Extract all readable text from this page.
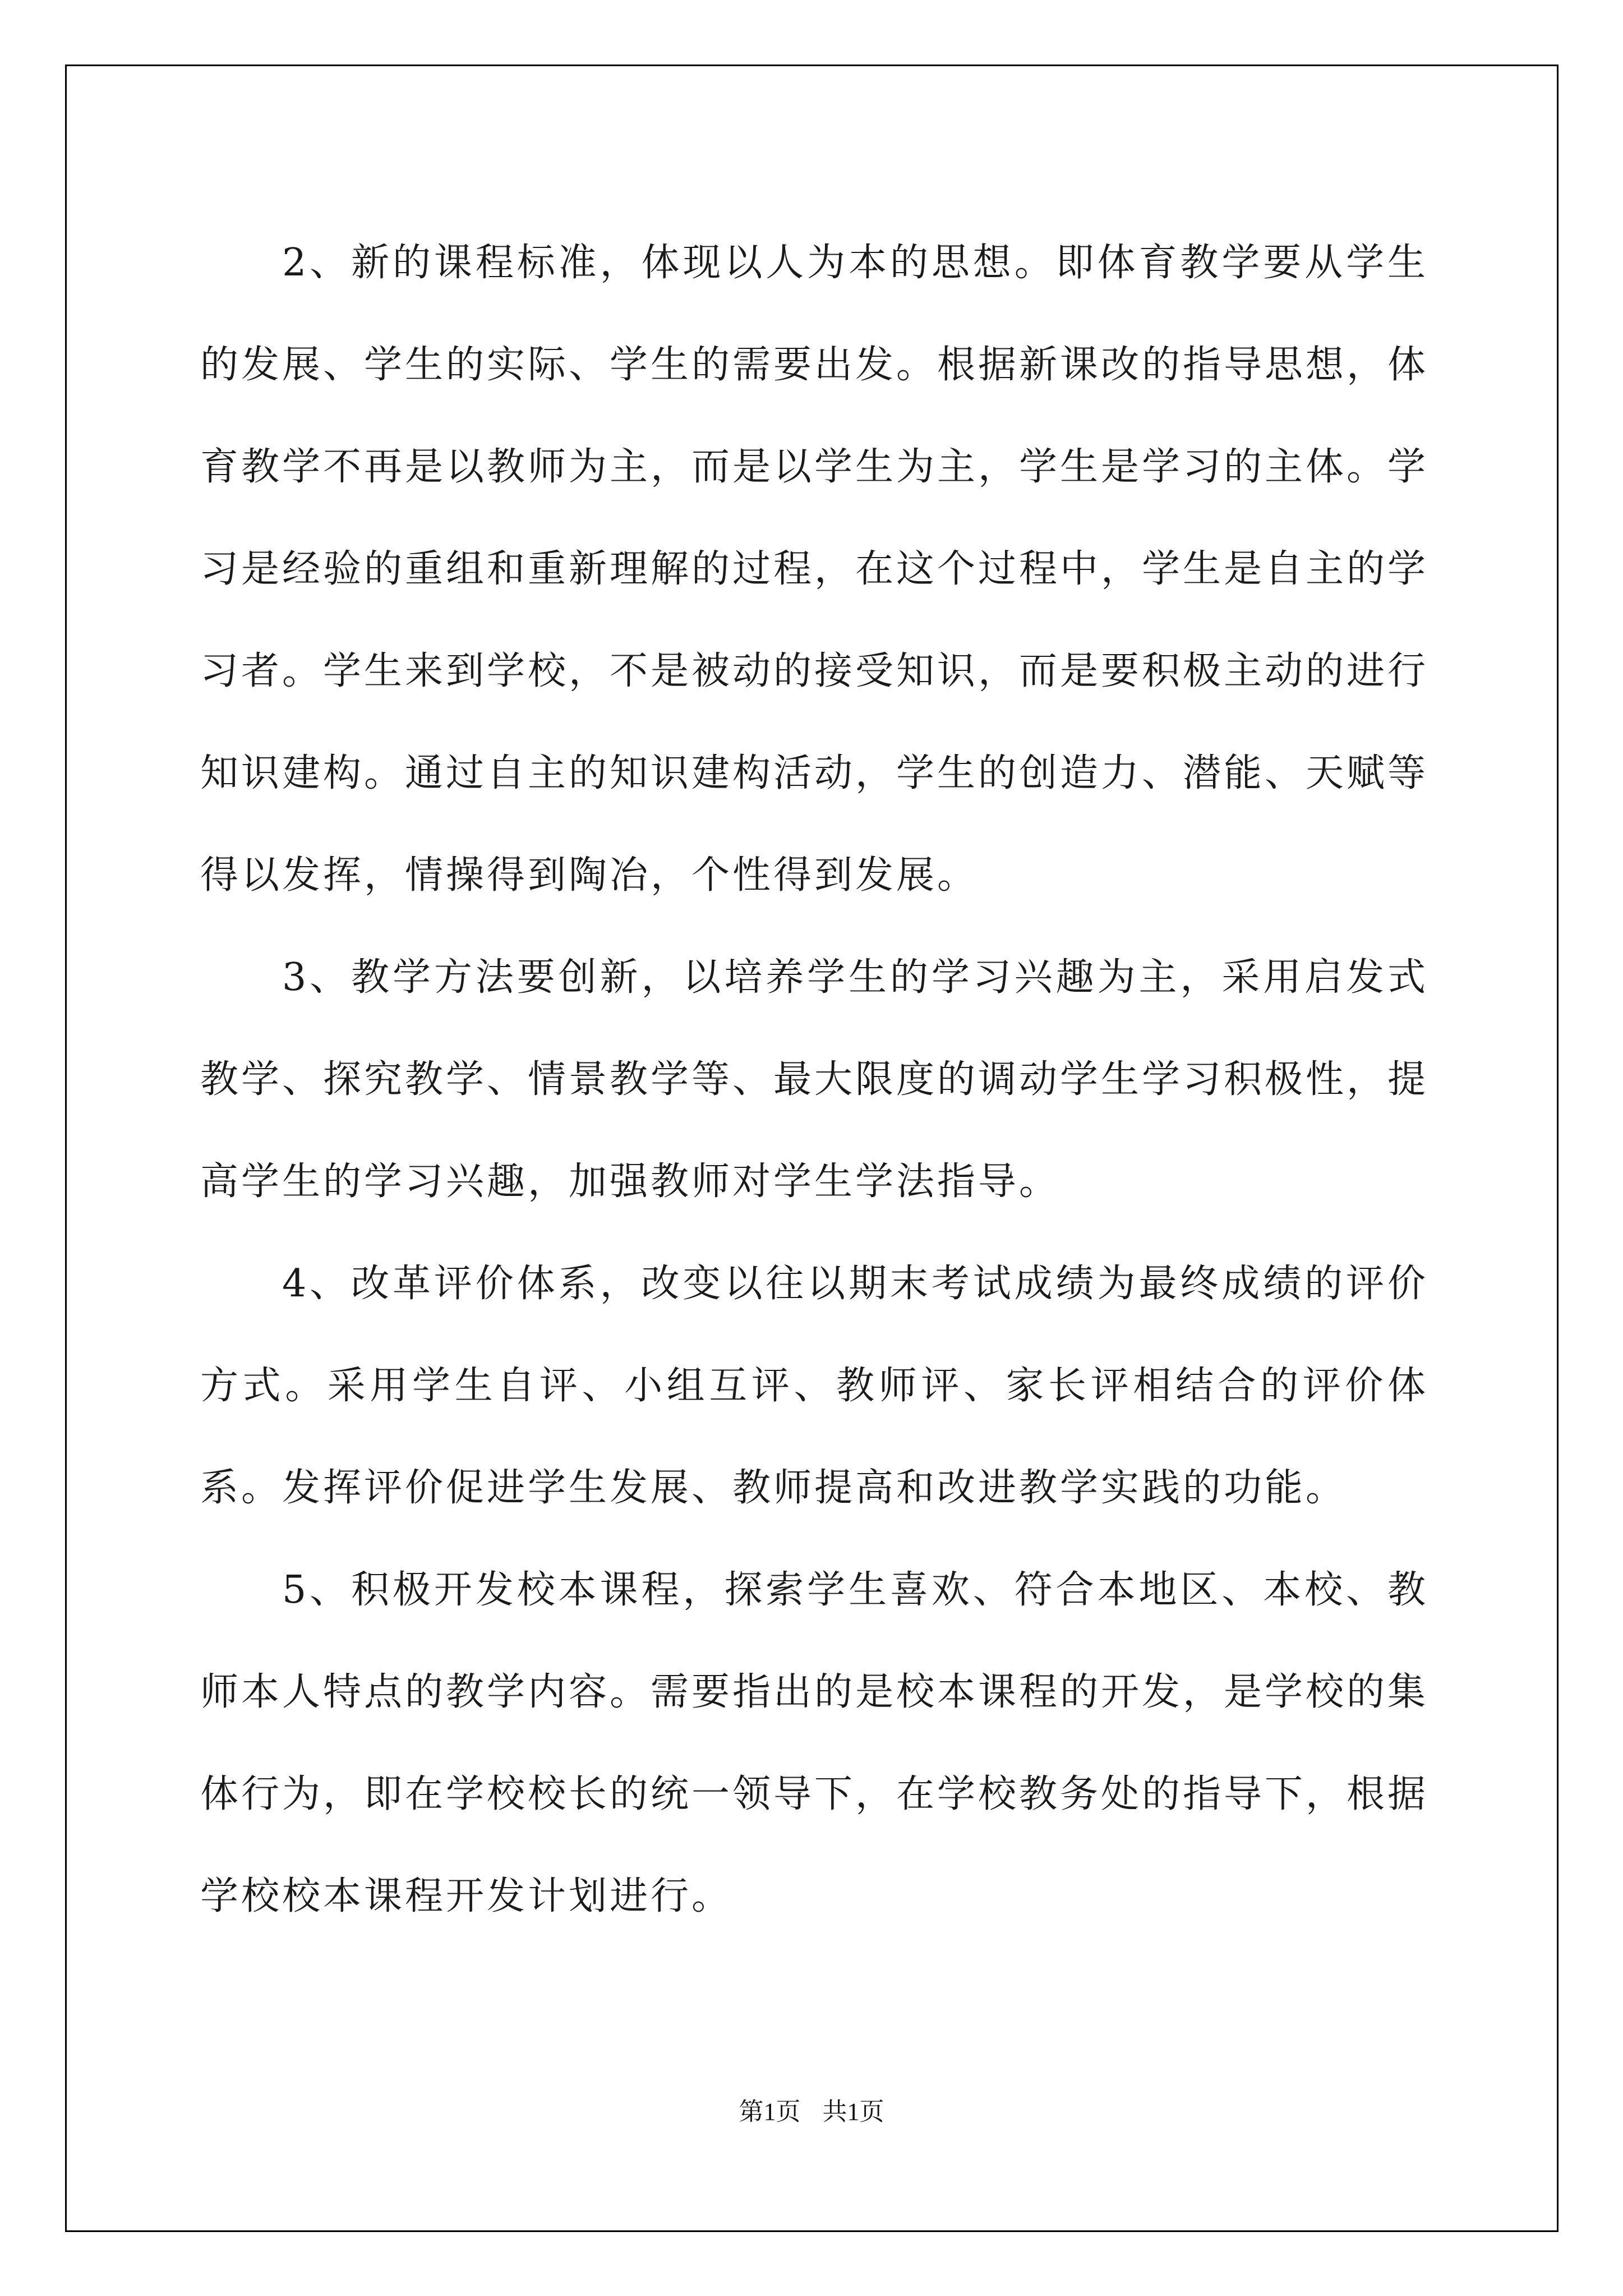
2、新的课程标准，体现以人为本的思想。即体育教学要从学生的发展、学生的实际、学生的需要出发。根据新课改的指导思想，体育教学不再是以教师为主，而是以学生为主，学生是学习的主体。学习是经验的重组和重新理解的过程，在这个过程中，学生是自主的学习者。学生来到学校，不是被动的接受知识，而是要积极主动的进行知识建构。通过自主的知识建构活动，学生的创造力、潜能、天赋等得以发挥，情操得到陶冶，个性得到发展。

3、教学方法要创新，以培养学生的学习兴趣为主，采用启发式教学、探究教学、情景教学等、最大限度的调动学生学习积极性，提高学生的学习兴趣，加强教师对学生学法指导。

4、改革评价体系，改变以往以期末考试成绩为最终成绩的评价方式。采用学生自评、小组互评、教师评、家长评相结合的评价体系。发挥评价促进学生发展、教师提高和改进教学实践的功能。

5、积极开发校本课程，探索学生喜欢、符合本地区、本校、教师本人特点的教学内容。需要指出的是校本课程的开发，是学校的集体行为，即在学校校长的统一领导下，在学校教务处的指导下，根据学校校本课程开发计划进行。

第1页 共1页
